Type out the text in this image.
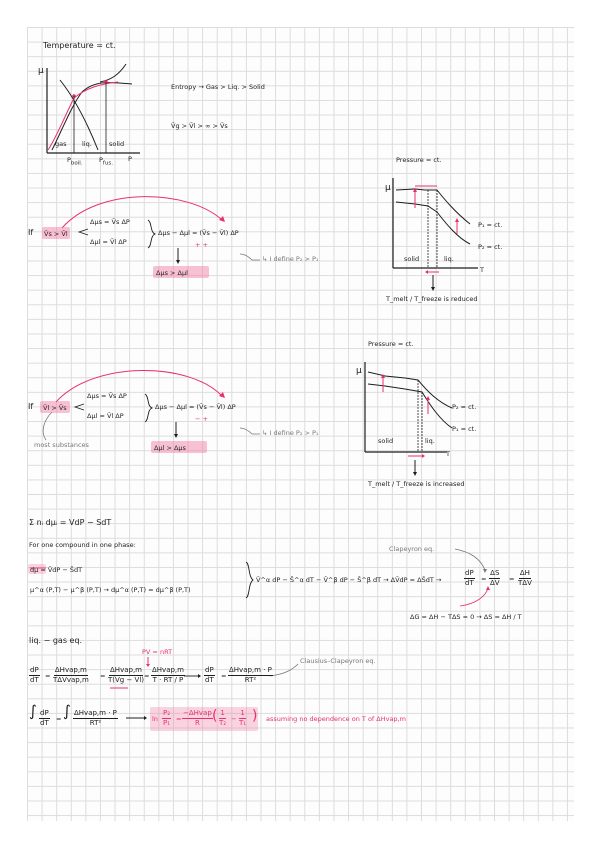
Temperature = ct.
μ
gas liq.	solid
$P_{boil.}$	$P_{fus.}$
P
Entropy → Gas > Liq. > Solid
V̄g > V̄l > ∞ > V̄s
Pressure = ct.
μ
P₁ = ct.
P₂ = ct.
solid	liq.
T
T_melt / T_freeze is reduced
If V̄s > V̄l
Δμs = V̄s ΔP
Δμl = V̄l ΔP
Δμs − Δμl = (V̄s − V̄l) ΔP
+ +
Δμs > Δμl
↳ I define P₂ > P₁
Pressure = ct.
μ
P₂ = ct.
P₁ = ct.
solid	liq.
T
T_melt / T_freeze is increased
If V̄l > V̄s
Δμs = V̄s ΔP
Δμl = V̄l ΔP
Δμs − Δμl = (V̄s − V̄l) ΔP
− +
Δμl > Δμs
↳ I define P₂ > P₁
most substances
Σ nᵢ dμᵢ = VdP − SdT
For one compound in one phase:	Clapeyron eq.
dμ = V̄dP − S̄dT
μ^α (P,T) − μ^β (P,T) → dμ^α (P,T) = dμ^β (P,T)
V̄^α dP − S̄^α dT − V̄^β dP − S̄^β dT → ΔV̄dP = ΔS̄dT →	$\frac{dP}{dT} = \frac{\Delta S}{\Delta V}$ =
ΔH
TΔV
ΔG = ΔH − TΔS = 0 → ΔS = ΔH / T
liq. − gas eq.
PV = nRT
Clausius–Clapeyron eq.
$\frac{dP}{dT}$ =
ΔHvap,m
TΔVvap,m =
ΔHvap,m
T(V̄g − V̄l) =
ΔHvap,m
T · RT / P	$\frac{dP}{dT}$ =
ΔHvap,m · P
RT²
∫ $\frac{dP}{dT}$ = ∫ ΔHvap,m · P
RT²	$\ln \frac{\text{P₂}}{\text{P₁}}$ =
−ΔHvap
R ( $\frac{1}{\text{T₂}} - \frac{1}{\text{T₁}}$ ) assuming no dependence on T of ΔHvap,m
